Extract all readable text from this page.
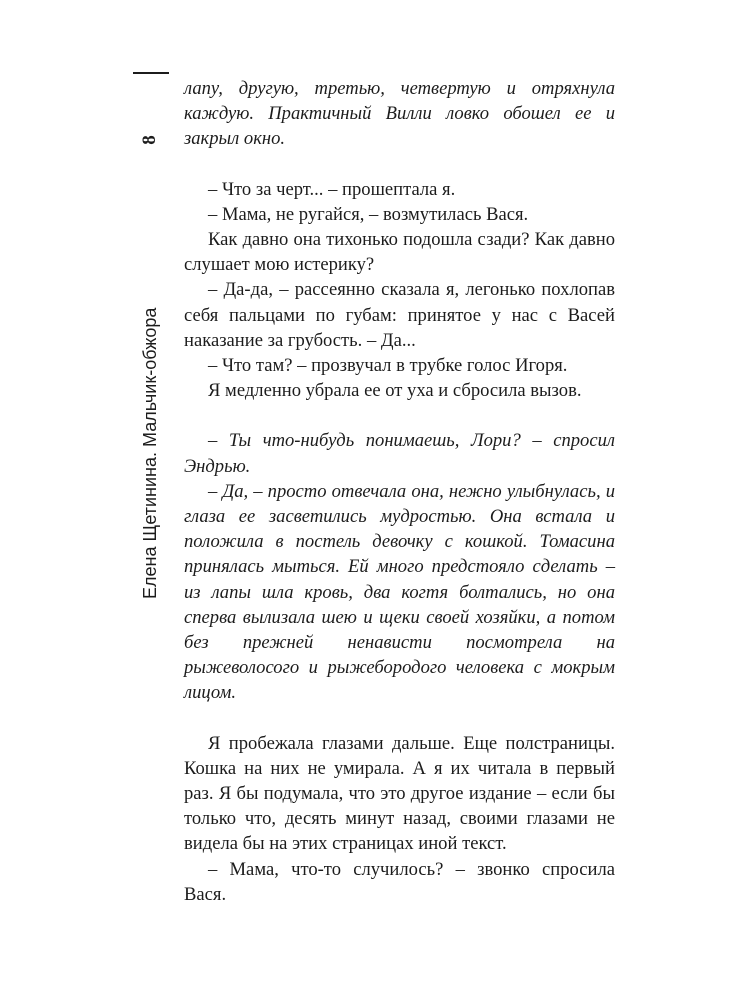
8
Елена Щетинина. Мальчик-обжора

лапу, другую, третью, четвертую и отряхнула каждую. Практичный Вилли ловко обошел ее и закрыл окно.

– Что за черт... – прошептала я.

– Мама, не ругайся, – возмутилась Вася.

Как давно она тихонько подошла сзади? Как давно слушает мою истерику?

– Да-да, – рассеянно сказала я, легонько похлопав себя пальцами по губам: принятое у нас с Васей наказание за грубость. – Да...

– Что там? – прозвучал в трубке голос Игоря.

Я медленно убрала ее от уха и сбросила вызов.

– Ты что-нибудь понимаешь, Лори? – спросил Эндрью.

– Да, – просто отвечала она, нежно улыбнулась, и глаза ее засветились мудростью. Она встала и положила в постель девочку с кошкой. Томасина принялась мыться. Ей много предстояло сделать – из лапы шла кровь, два когтя болтались, но она сперва вылизала шею и щеки своей хозяйки, а потом без прежней ненависти посмотрела на рыжеволосого и рыжебородого человека с мокрым лицом.

Я пробежала глазами дальше. Еще полстраницы. Кошка на них не умирала. А я их читала в первый раз. Я бы подумала, что это другое издание – если бы только что, десять минут назад, своими глазами не видела бы на этих страницах иной текст.

– Мама, что-то случилось? – звонко спросила Вася.
